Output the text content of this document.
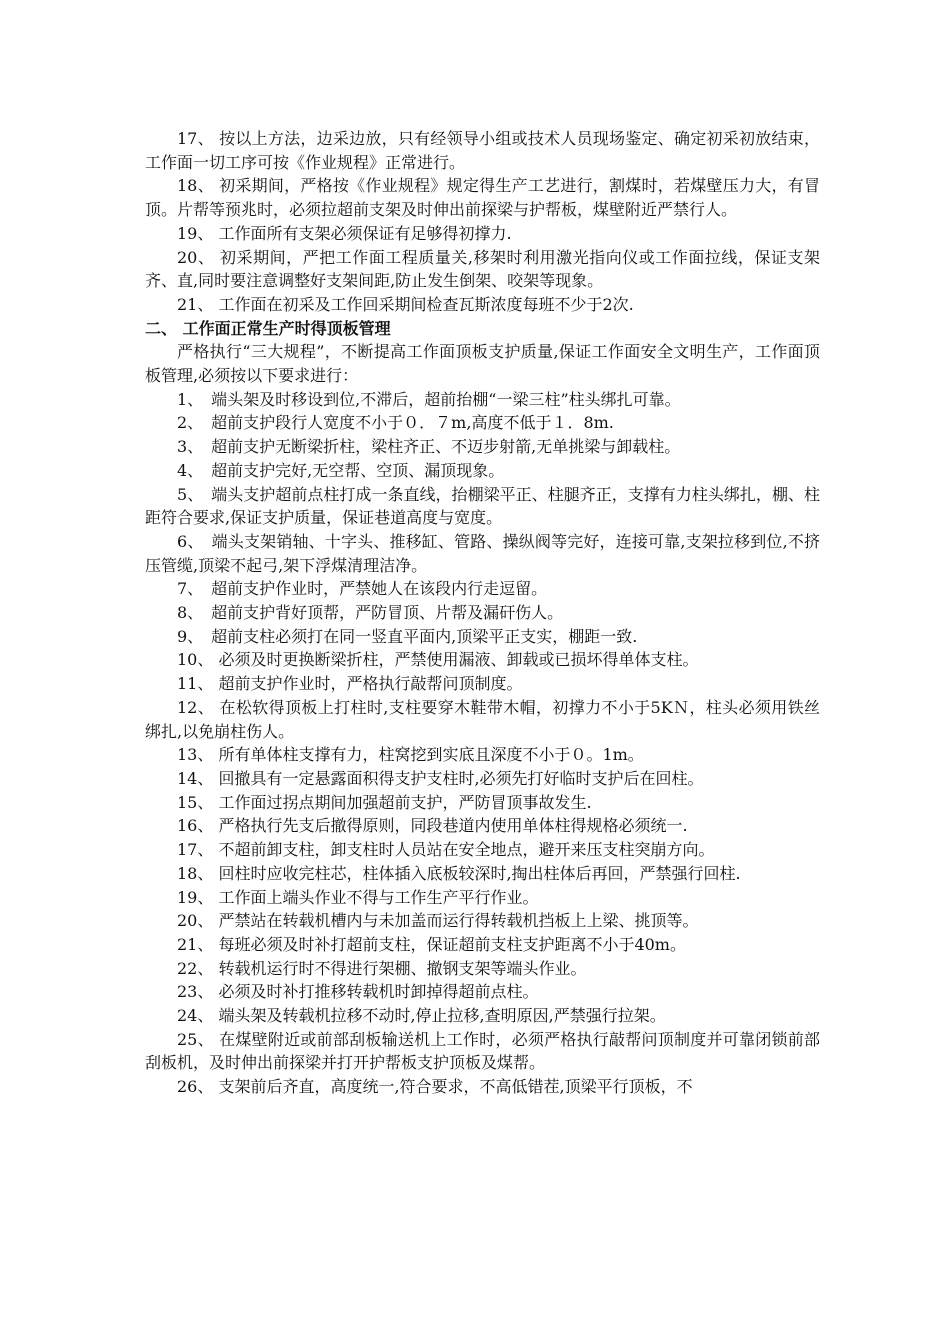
17、 按以上方法，边采边放，只有经领导小组或技术人员现场鉴定、确定初采初放结束，工作面一切工序可按《作业规程》正常进行。

18、 初采期间，严格按《作业规程》规定得生产工艺进行，割煤时，若煤壁压力大，有冒顶。片帮等预兆时，必须拉超前支架及时伸出前探梁与护帮板，煤壁附近严禁行人。

19、 工作面所有支架必须保证有足够得初撑力.

20、 初采期间，严把工作面工程质量关,移架时利用激光指向仪或工作面拉线，保证支架齐、直,同时要注意调整好支架间距,防止发生倒架、咬架等现象。

21、 工作面在初采及工作回采期间检查瓦斯浓度每班不少于2次.

二、 工作面正常生产时得顶板管理

严格执行“三大规程”，不断提高工作面顶板支护质量,保证工作面安全文明生产，工作面顶板管理,必须按以下要求进行：

1、　端头架及时移设到位,不滞后，超前抬棚“一梁三柱”柱头绑扎可靠。

2、　超前支护段行人宽度不小于０．７m,高度不低于１．8m.

3、　超前支护无断梁折柱，梁柱齐正、不迈步射箭,无单挑梁与卸载柱。

4、　超前支护完好,无空帮、空顶、漏顶现象。

5、　端头支护超前点柱打成一条直线，抬棚梁平正、柱腿齐正，支撑有力柱头绑扎，棚、柱距符合要求,保证支护质量，保证巷道高度与宽度。

6、　端头支架销轴、十字头、推移缸、管路、操纵阀等完好，连接可靠,支架拉移到位,不挤压管缆,顶梁不起弓,架下浮煤清理洁净。

7、　超前支护作业时，严禁她人在该段内行走逗留。

8、　超前支护背好顶帮，严防冒顶、片帮及漏矸伤人。

9、　超前支柱必须打在同一竖直平面内,顶梁平正支实，棚距一致.

10、 必须及时更换断梁折柱，严禁使用漏液、卸载或已损坏得单体支柱。

11、 超前支护作业时，严格执行敲帮问顶制度。

12、 在松软得顶板上打柱时,支柱要穿木鞋带木帽，初撑力不小于5KＮ，柱头必须用铁丝绑扎,以免崩柱伤人。

13、 所有单体柱支撑有力，柱窝挖到实底且深度不小于０。1m。

14、 回撤具有一定悬露面积得支护支柱时,必须先打好临时支护后在回柱。

15、 工作面过拐点期间加强超前支护，严防冒顶事故发生.

16、 严格执行先支后撤得原则，同段巷道内使用单体柱得规格必须统一.

17、 不超前卸支柱，卸支柱时人员站在安全地点，避开来压支柱突崩方向。

18、 回柱时应收完柱芯，柱体插入底板较深时,掏出柱体后再回，严禁强行回柱.

19、 工作面上端头作业不得与工作生产平行作业。

20、 严禁站在转载机槽内与未加盖而运行得转载机挡板上上梁、挑顶等。

21、 每班必须及时补打超前支柱，保证超前支柱支护距离不小于40m。

22、 转载机运行时不得进行架棚、撤钢支架等端头作业。

23、 必须及时补打推移转载机时卸掉得超前点柱。

24、 端头架及转载机拉移不动时,停止拉移,查明原因,严禁强行拉架。

25、 在煤壁附近或前部刮板输送机上工作时，必须严格执行敲帮问顶制度并可靠闭锁前部刮板机，及时伸出前探梁并打开护帮板支护顶板及煤帮。

26、 支架前后齐直，高度统一,符合要求，不高低错茬,顶梁平行顶板，不
